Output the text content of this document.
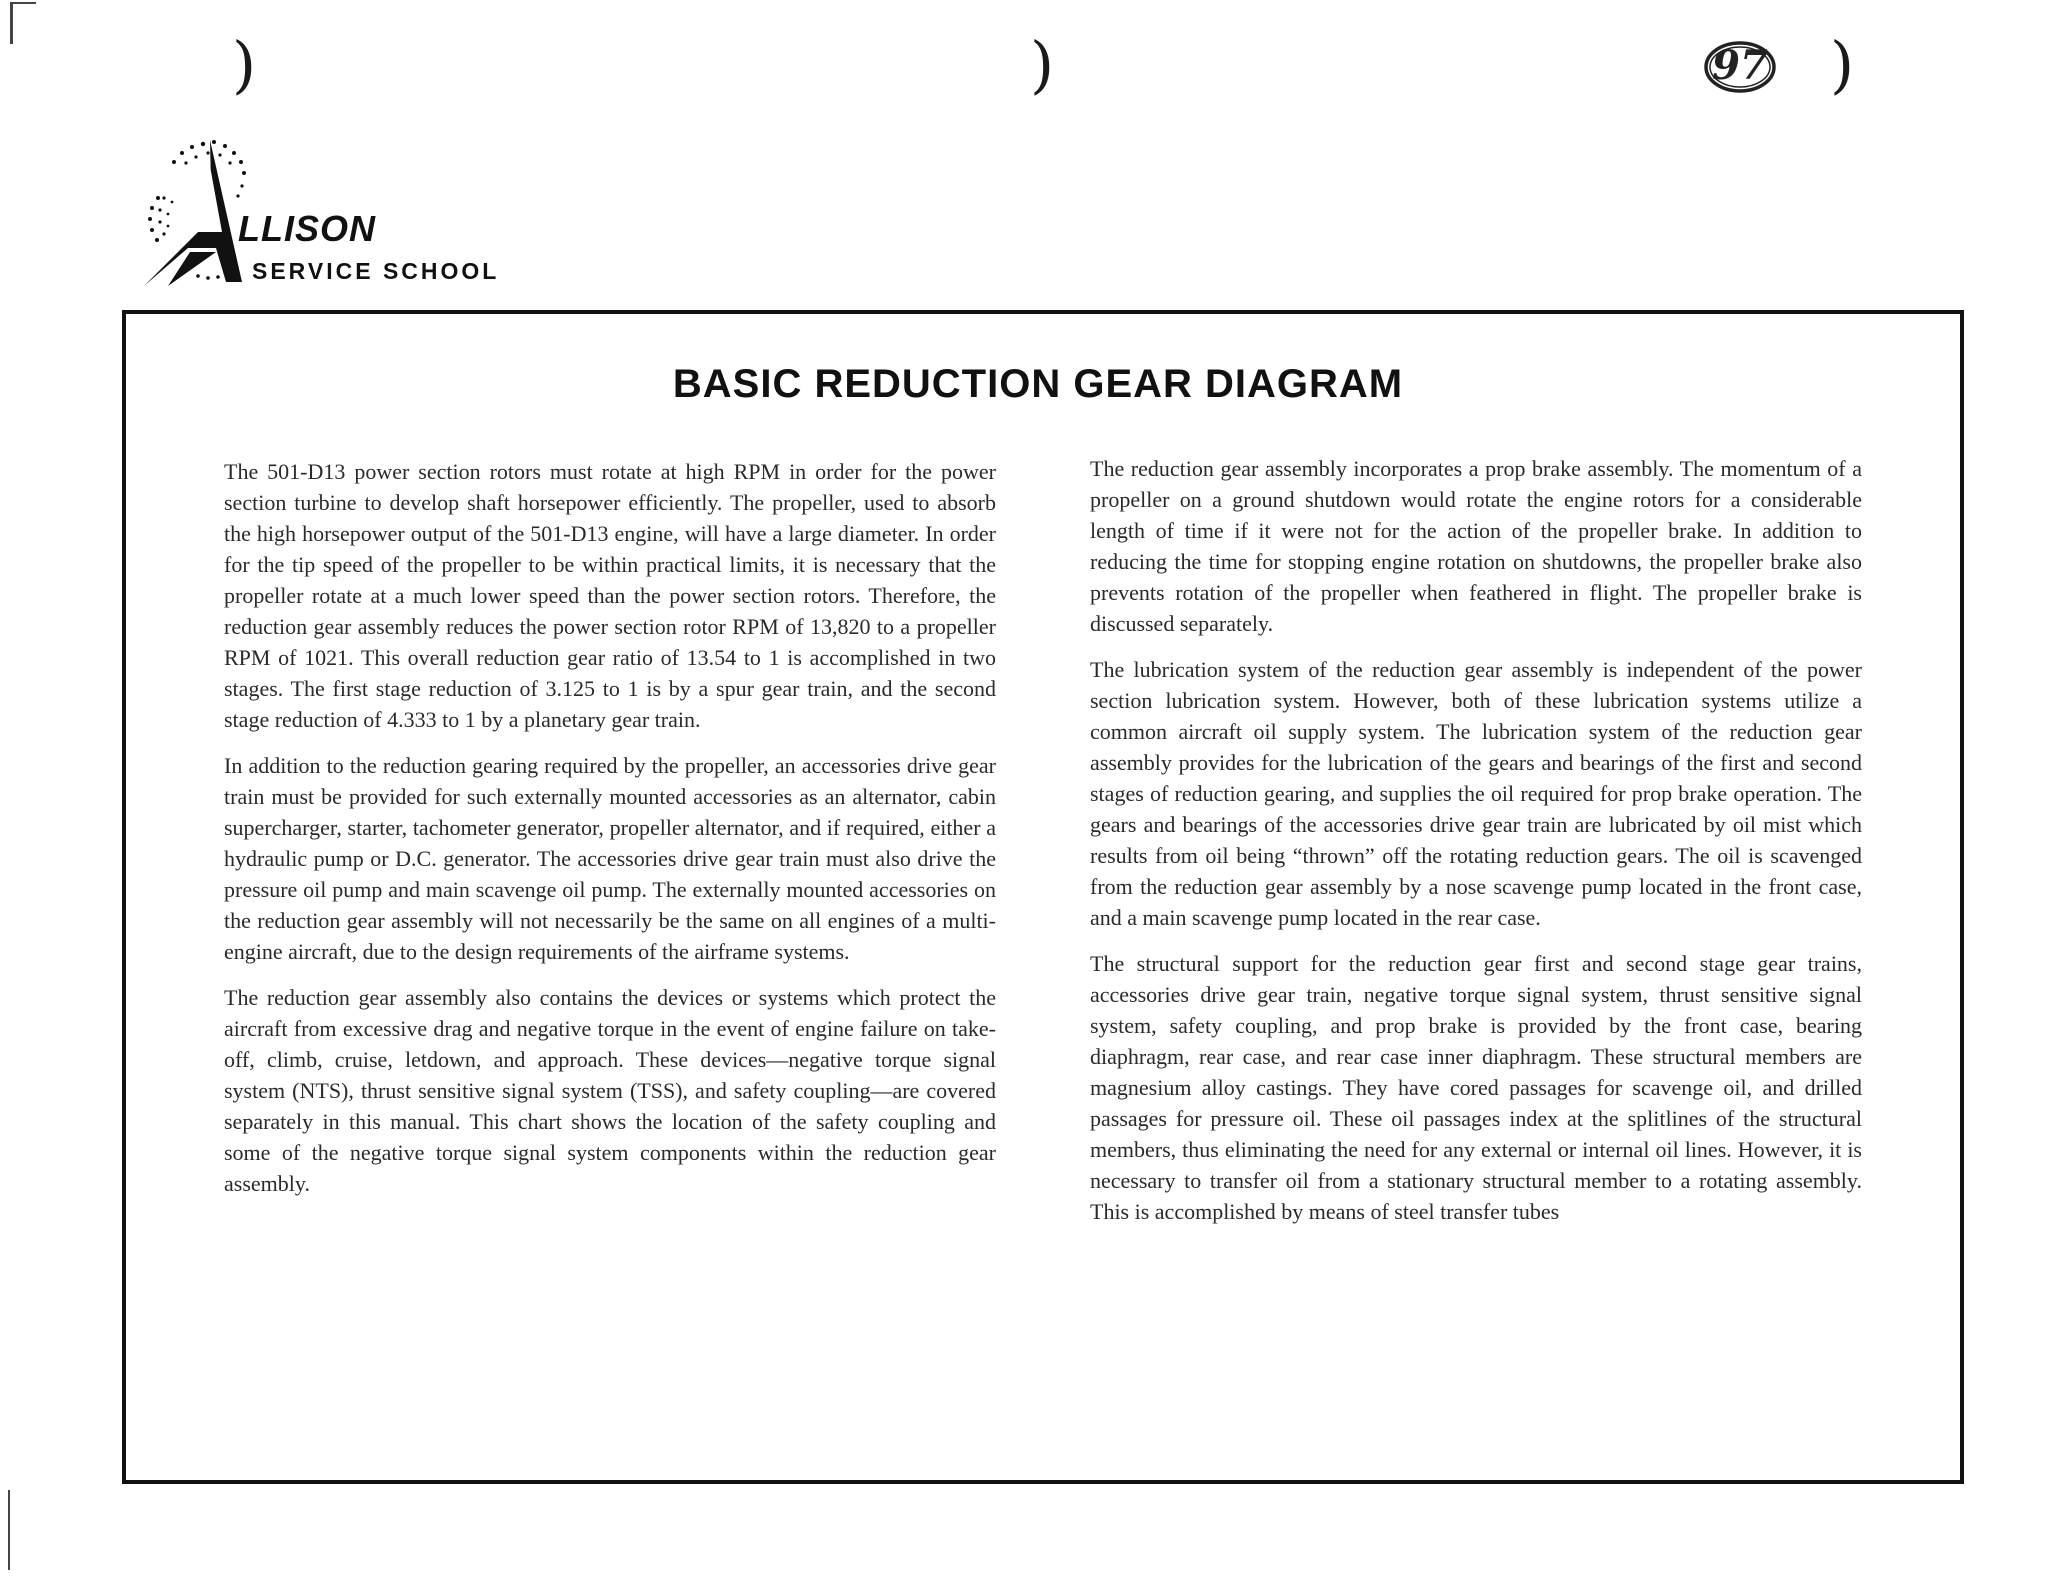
)	)	)
LLISON
SERVICE SCHOOL
97
BASIC REDUCTION GEAR DIAGRAM

The 501-D13 power section rotors must rotate at high RPM in order for the power section turbine to develop shaft horsepower efficiently. The propeller, used to absorb the high horsepower output of the 501-D13 engine, will have a large diameter. In order for the tip speed of the propeller to be within practical limits, it is necessary that the propeller rotate at a much lower speed than the power section rotors. Therefore, the reduction gear assembly reduces the power section rotor RPM of 13,820 to a propeller RPM of 1021. This overall reduction gear ratio of 13.54 to 1 is accomplished in two stages. The first stage reduction of 3.125 to 1 is by a spur gear train, and the second stage reduction of 4.333 to 1 by a planetary gear train.

In addition to the reduction gearing required by the propeller, an accessories drive gear train must be provided for such externally mounted accessories as an alternator, cabin supercharger, starter, tachometer generator, propeller alternator, and if required, either a hydraulic pump or D.C. generator. The accessories drive gear train must also drive the pressure oil pump and main scavenge oil pump. The externally mounted accessories on the reduction gear assembly will not necessarily be the same on all engines of a multi-engine aircraft, due to the design requirements of the airframe systems.

The reduction gear assembly also contains the devices or systems which protect the aircraft from excessive drag and negative torque in the event of engine failure on take-off, climb, cruise, letdown, and approach. These devices—negative torque signal system (NTS), thrust sensitive signal system (TSS), and safety coupling—are covered separately in this manual. This chart shows the location of the safety coupling and some of the negative torque signal system components within the reduction gear assembly.

The reduction gear assembly incorporates a prop brake assembly. The momentum of a propeller on a ground shutdown would rotate the engine rotors for a considerable length of time if it were not for the action of the propeller brake. In addition to reducing the time for stopping engine rotation on shutdowns, the propeller brake also prevents rotation of the propeller when feathered in flight. The propeller brake is discussed separately.

The lubrication system of the reduction gear assembly is independent of the power section lubrication system. However, both of these lubrication systems utilize a common aircraft oil supply system. The lubrication system of the reduction gear assembly provides for the lubrication of the gears and bearings of the first and second stages of reduction gearing, and supplies the oil required for prop brake operation. The gears and bearings of the accessories drive gear train are lubricated by oil mist which results from oil being “thrown” off the rotating reduction gears. The oil is scavenged from the reduction gear assembly by a nose scavenge pump located in the front case, and a main scavenge pump located in the rear case.

The structural support for the reduction gear first and second stage gear trains, accessories drive gear train, negative torque signal system, thrust sensitive signal system, safety coupling, and prop brake is provided by the front case, bearing diaphragm, rear case, and rear case inner diaphragm. These structural members are magnesium alloy castings. They have cored passages for scavenge oil, and drilled passages for pressure oil. These oil passages index at the splitlines of the structural members, thus eliminating the need for any external or internal oil lines. However, it is necessary to transfer oil from a stationary structural member to a rotating assembly. This is accomplished by means of steel transfer tubes
